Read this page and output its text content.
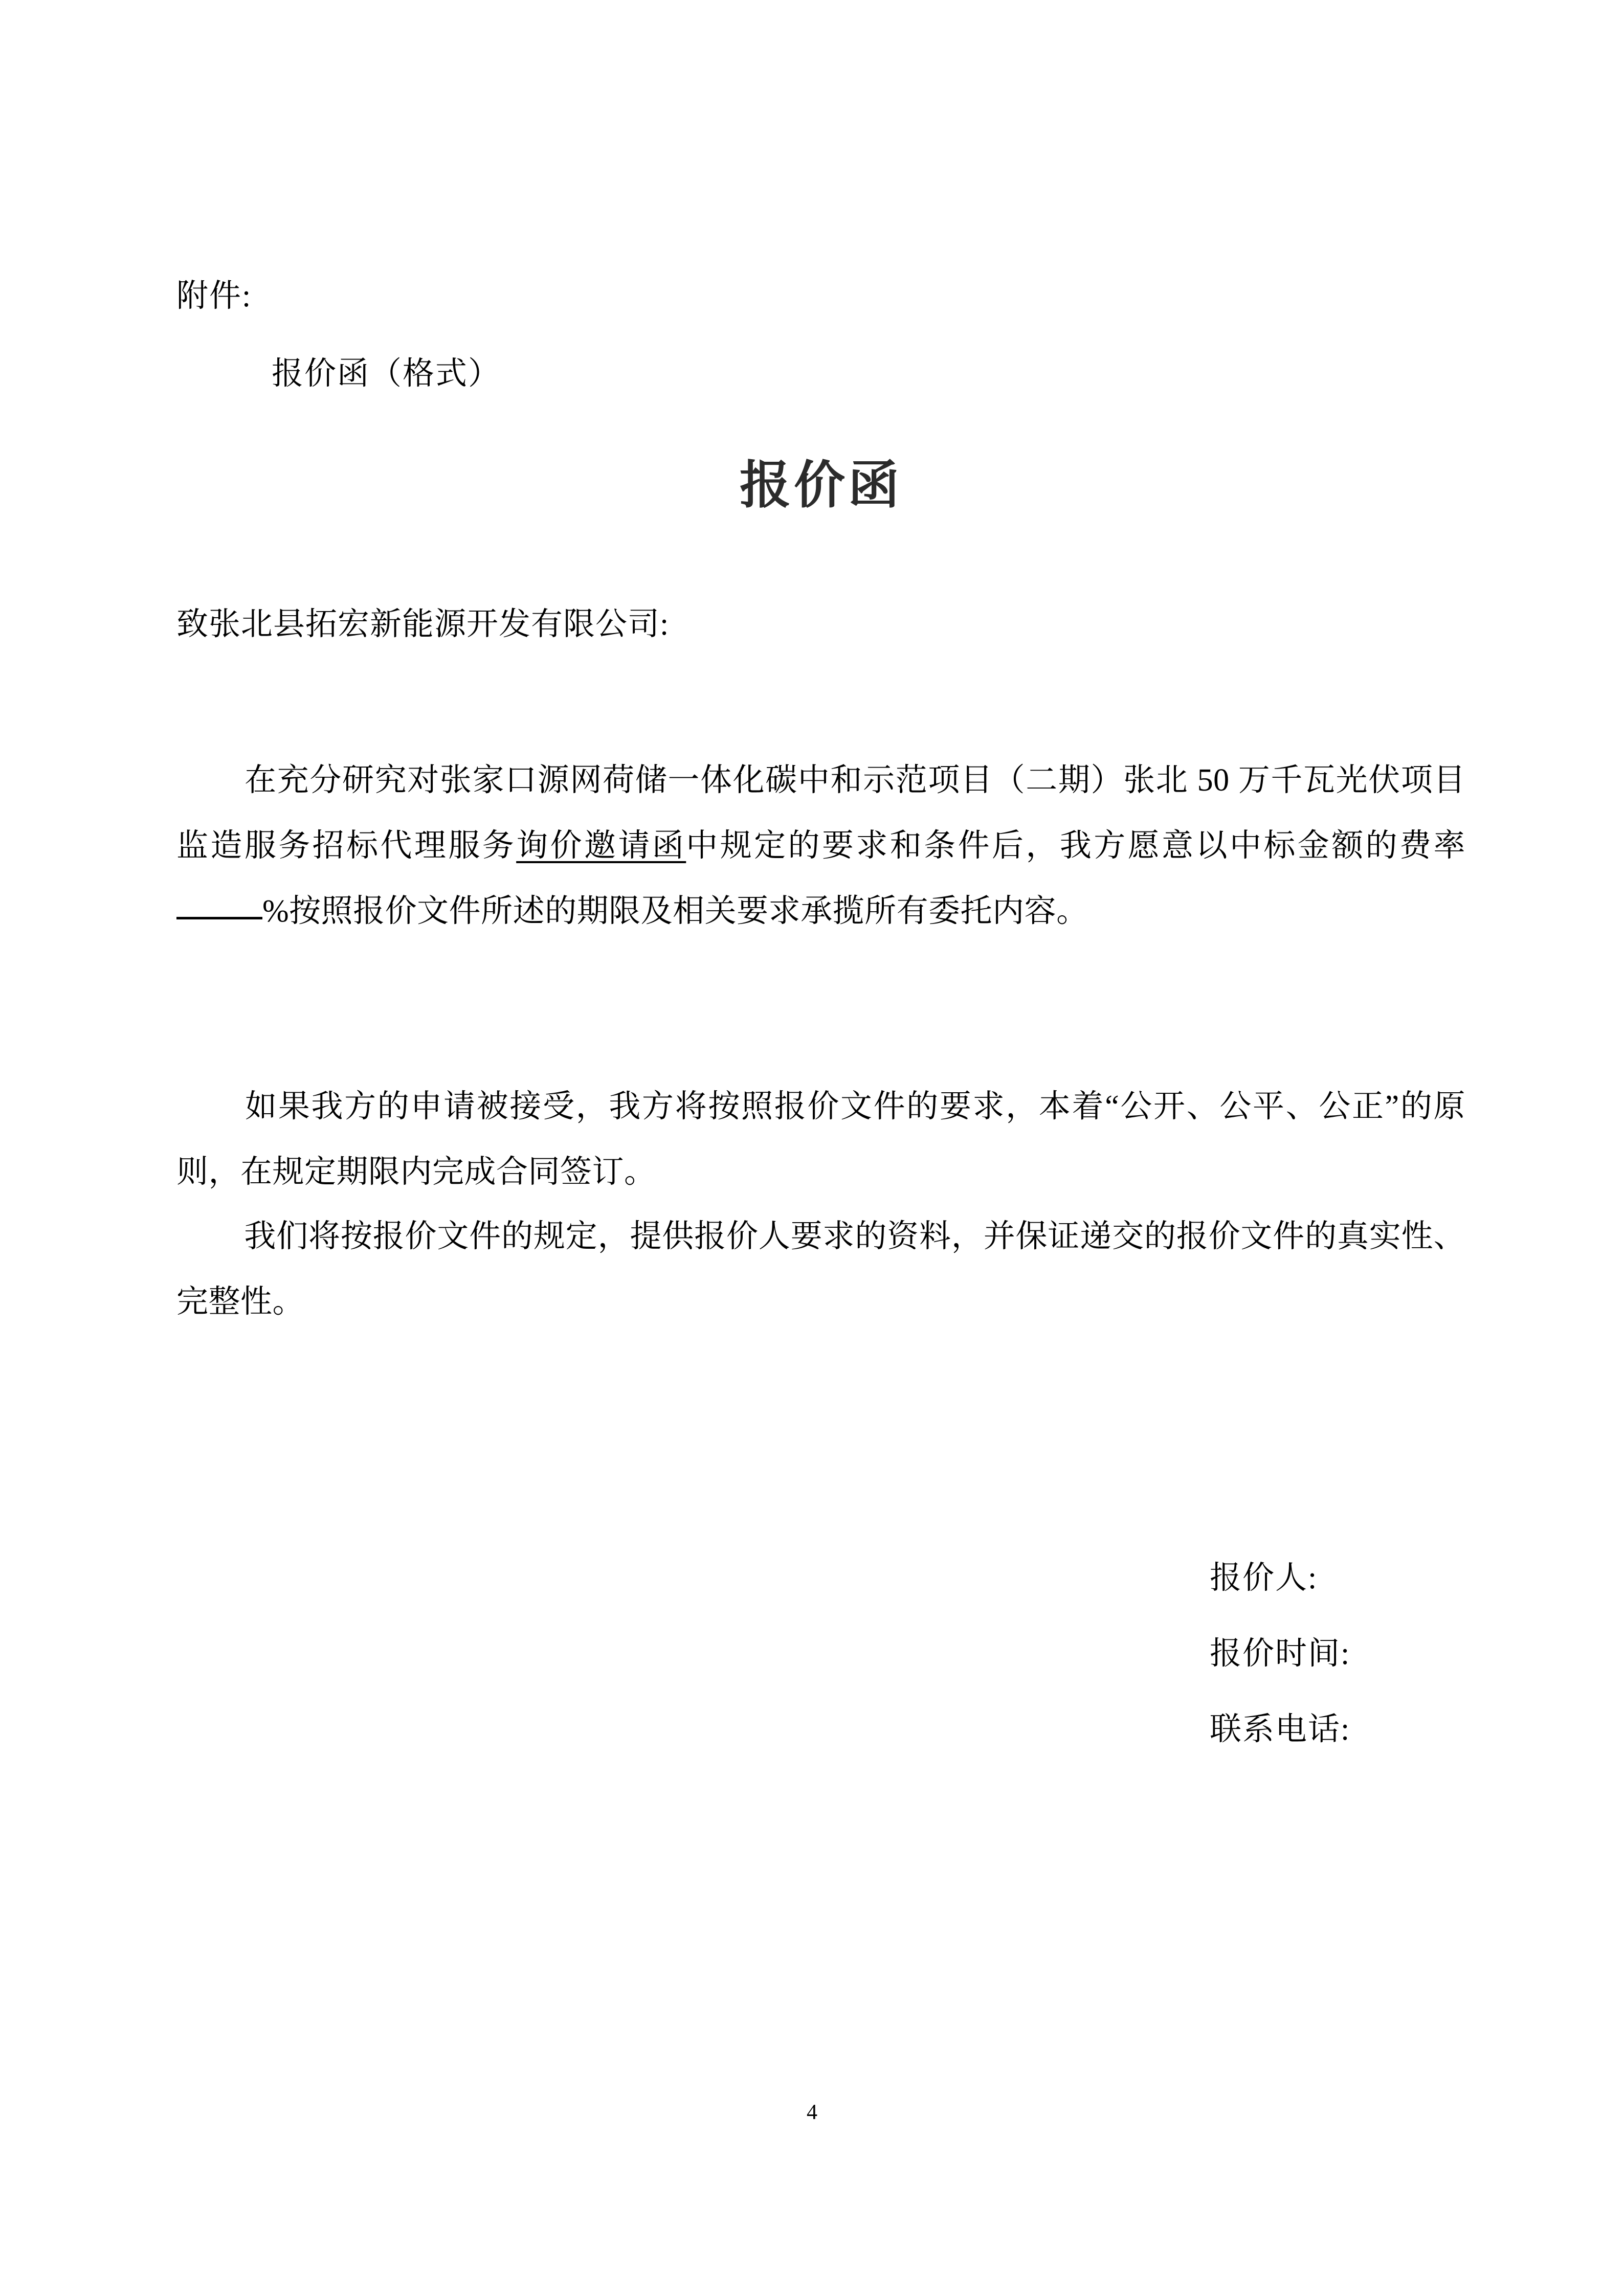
附件:
报价函（格式）
报价函
致张北县拓宏新能源开发有限公司:

在充分研究对张家口源网荷储一体化碳中和示范项目（二期）张北 50 万千瓦光伏项目监造服务招标代理服务询价邀请函中规定的要求和条件后，我方愿意以中标金额的费率%按照报价文件所述的期限及相关要求承揽所有委托内容。

如果我方的申请被接受，我方将按照报价文件的要求，本着“公开、公平、公正”的原则，在规定期限内完成合同签订。

我们将按报价文件的规定，提供报价人要求的资料，并保证递交的报价文件的真实性、完整性。

报价人:
报价时间:
联系电话:
4
